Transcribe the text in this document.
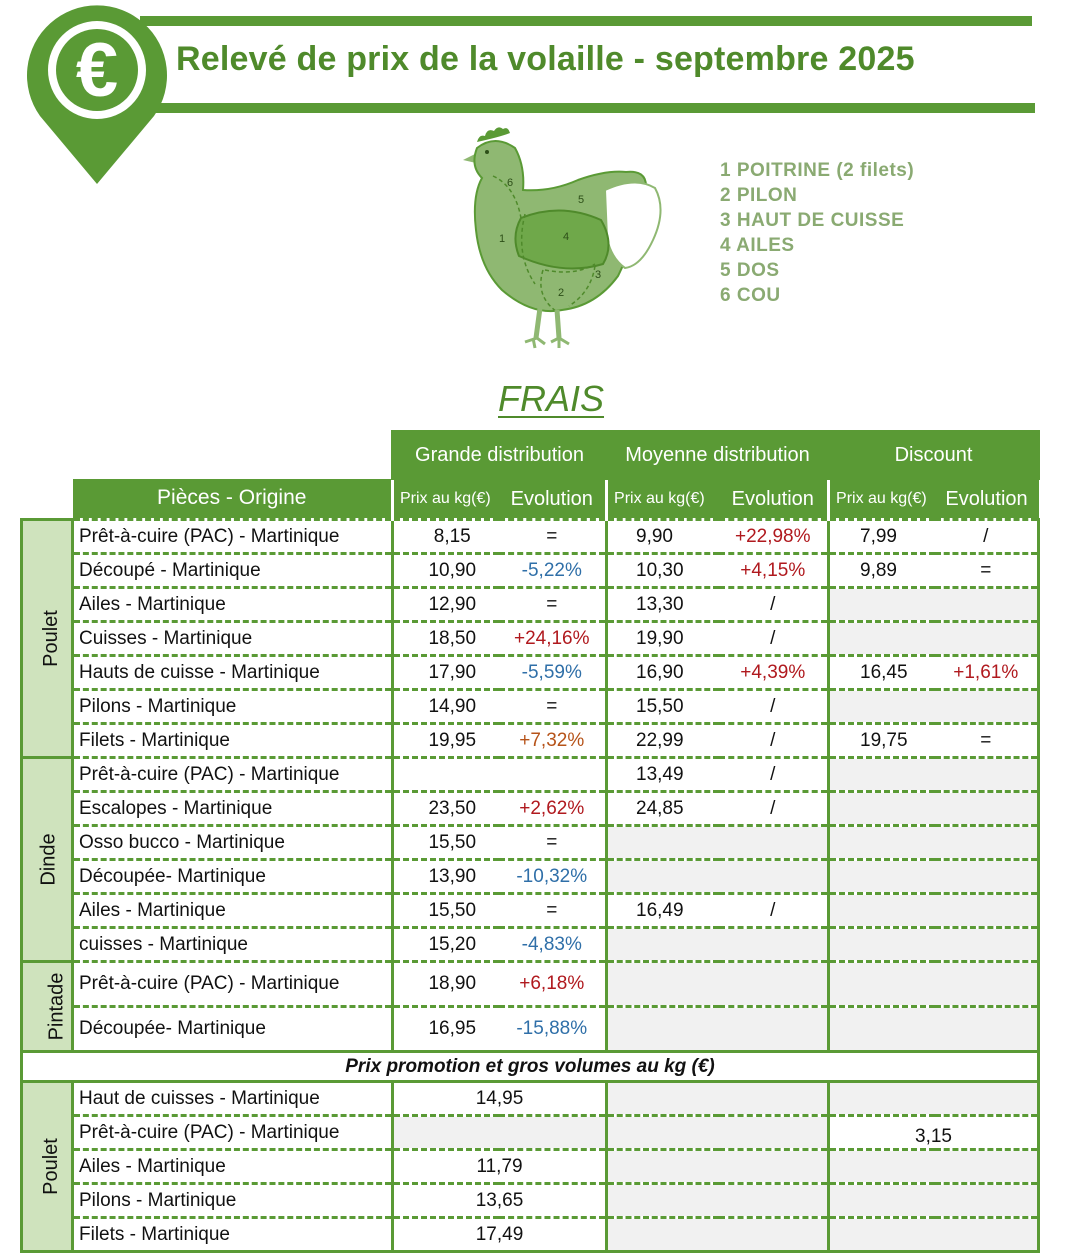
€ Relevé de prix de la volaille - septembre 2025
1
2
3
4
5
6
1 POITRINE (2 filets)
2 PILON
3 HAUT DE CUISSE
4 AILES
5 DOS
6 COU
FRAIS
		Grande distribution		Moyenne distribution		Discount	
	Pièces - Origine	Prix au kg(€)	Evolution	Prix au kg(€)	Evolution	Prix au kg(€)	Evolution
Poulet	Prêt-à-cuire (PAC) - Martinique	8,15	=	9,90	+22,98%	7,99	/
	Découpé - Martinique	10,90	-5,22%	10,30	+4,15%	9,89	=
	Ailes - Martinique	12,90	=	13,30	/		
	Cuisses - Martinique	18,50	+24,16%	19,90	/		
	Hauts de cuisse - Martinique	17,90	-5,59%	16,90	+4,39%	16,45	+1,61%
	Pilons - Martinique	14,90	=	15,50	/		
	Filets - Martinique	19,95	+7,32%	22,99	/	19,75	=
Dinde	Prêt-à-cuire (PAC) - Martinique			13,49	/		
	Escalopes - Martinique	23,50	+2,62%	24,85	/		
	Osso bucco - Martinique	15,50	=				
	Découpée- Martinique	13,90	-10,32%				
	Ailes - Martinique	15,50	=	16,49	/		
	cuisses - Martinique	15,20	-4,83%				
Pintade	Prêt-à-cuire (PAC) - Martinique	18,90	+6,18%				
	Découpée- Martinique	16,95	-15,88%				
Prix promotion et gros volumes au kg (€)							
Poulet	Haut de cuisses - Martinique	14,95					
	Prêt-à-cuire (PAC) - Martinique					3,15	
	Ailes - Martinique	11,79					
	Pilons - Martinique	13,65					
	Filets - Martinique	17,49					
